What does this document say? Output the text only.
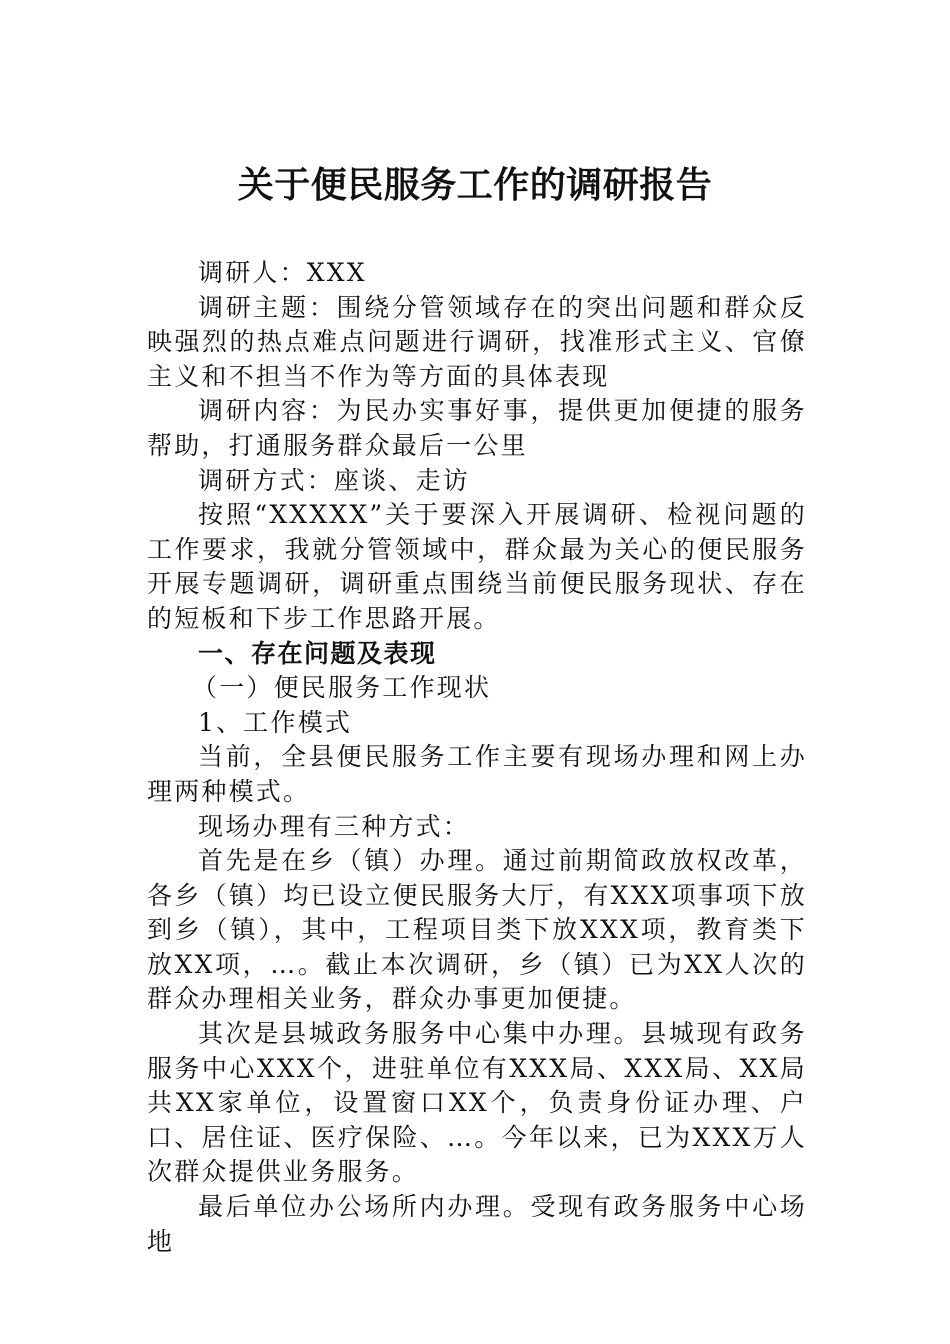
关于便民服务工作的调研报告

调研人：XXX

调研主题：围绕分管领域存在的突出问题和群众反映强烈的热点难点问题进行调研，找准形式主义、官僚主义和不担当不作为等方面的具体表现

调研内容：为民办实事好事，提供更加便捷的服务帮助，打通服务群众最后一公里

调研方式：座谈、走访

按照“XXXXX”关于要深入开展调研、检视问题的工作要求，我就分管领域中，群众最为关心的便民服务开展专题调研，调研重点围绕当前便民服务现状、存在的短板和下步工作思路开展。

一、存在问题及表现

（一）便民服务工作现状

1、工作模式

当前，全县便民服务工作主要有现场办理和网上办理两种模式。

现场办理有三种方式：

首先是在乡（镇）办理。通过前期简政放权改革，各乡（镇）均已设立便民服务大厅，有XXX项事项下放到乡（镇），其中，工程项目类下放XXX项，教育类下放XX项，…。截止本次调研，乡（镇）已为XX人次的群众办理相关业务，群众办事更加便捷。

其次是县城政务服务中心集中办理。县城现有政务服务中心XXX个，进驻单位有XXX局、XXX局、XX局共XX家单位，设置窗口XX个，负责身份证办理、户口、居住证、医疗保险、…。今年以来，已为XXX万人次群众提供业务服务。

最后单位办公场所内办理。受现有政务服务中心场地
